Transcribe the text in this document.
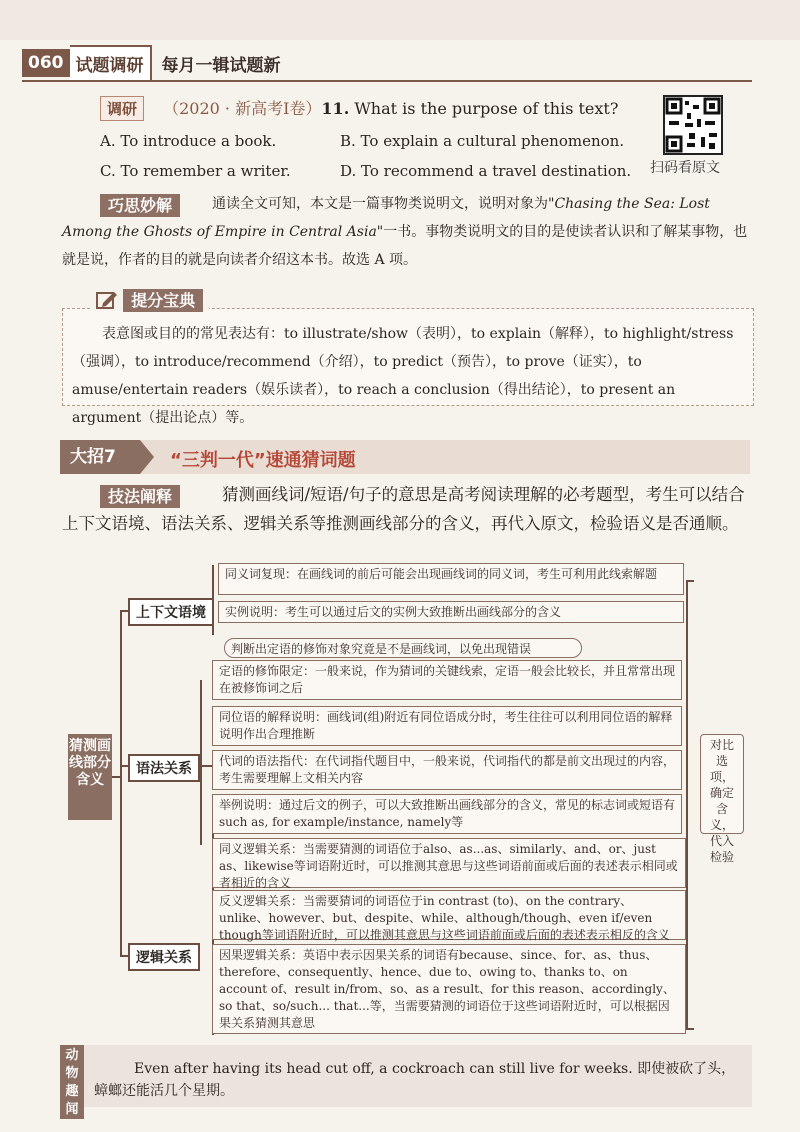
060 试题调研	每月一辑试题新
调研 （2020 · 新高考Ⅰ卷）11. What is the purpose of this text?
A. To introduce a book.	B. To explain a cultural phenomenon.
C. To remember a writer.	D. To recommend a travel destination. 扫码看原文
巧思妙解	通读全文可知，本文是一篇事物类说明文，说明对象为"Chasing the Sea: Lost Among the Ghosts of Empire in Central Asia"一书。事物类说明文的目的是使读者认识和了解某事物，也就是说，作者的目的就是向读者介绍这本书。故选 A 项。
提分宝典
表意图或目的的常见表达有：to illustrate/show（表明），to explain（解释），to highlight/stress（强调），to introduce/recommend（介绍），to predict（预告），to prove（证实），to amuse/entertain readers（娱乐读者），to reach a conclusion（得出结论），to present an argument（提出论点）等。
大招7	“三判一代”速通猜词题
技法阐释	猜测画线词/短语/句子的意思是高考阅读理解的必考题型，考生可以结合上下文语境、语法关系、逻辑关系等推测画线部分的含义，再代入原文，检验语义是否通顺。
猜测画线部分含义
上下文语境
语法关系
逻辑关系
同义词复现：在画线词的前后可能会出现画线词的同义词，考生可利用此线索解题
实例说明：考生可以通过后文的实例大致推断出画线部分的含义
判断出定语的修饰对象究竟是不是画线词，以免出现错误
定语的修饰限定：一般来说，作为猜词的关键线索，定语一般会比较长，并且常常出现在被修饰词之后
同位语的解释说明：画线词(组)附近有同位语成分时，考生往往可以利用同位语的解释说明作出合理推断
代词的语法指代：在代词指代题目中，一般来说，代词指代的都是前文出现过的内容，考生需要理解上文相关内容
举例说明：通过后文的例子，可以大致推断出画线部分的含义，常见的标志词或短语有such as, for example/instance, namely等
同义逻辑关系：当需要猜测的词语位于also、as...as、similarly、and、or、just as、likewise等词语附近时，可以推测其意思与这些词语前面或后面的表述表示相同或者相近的含义
反义逻辑关系：当需要猜词的词语位于in contrast (to)、on the contrary、unlike、however、but、despite、while、although/though、even if/even though等词语附近时，可以推测其意思与这些词语前面或后面的表述表示相反的含义
因果逻辑关系：英语中表示因果关系的词语有because、since、for、as、thus、therefore、consequently、hence、due to、owing to、thanks to、on account of、result in/from、so、as a result、for this reason、accordingly、so that、so/such... that...等，当需要猜测的词语位于这些词语附近时，可以根据因果关系猜测其意思
对比选项，确定含义，代入检验
动物趣闻
Even after having its head cut off, a cockroach can still live for weeks. 即使被砍了头，蟑螂还能活几个星期。
